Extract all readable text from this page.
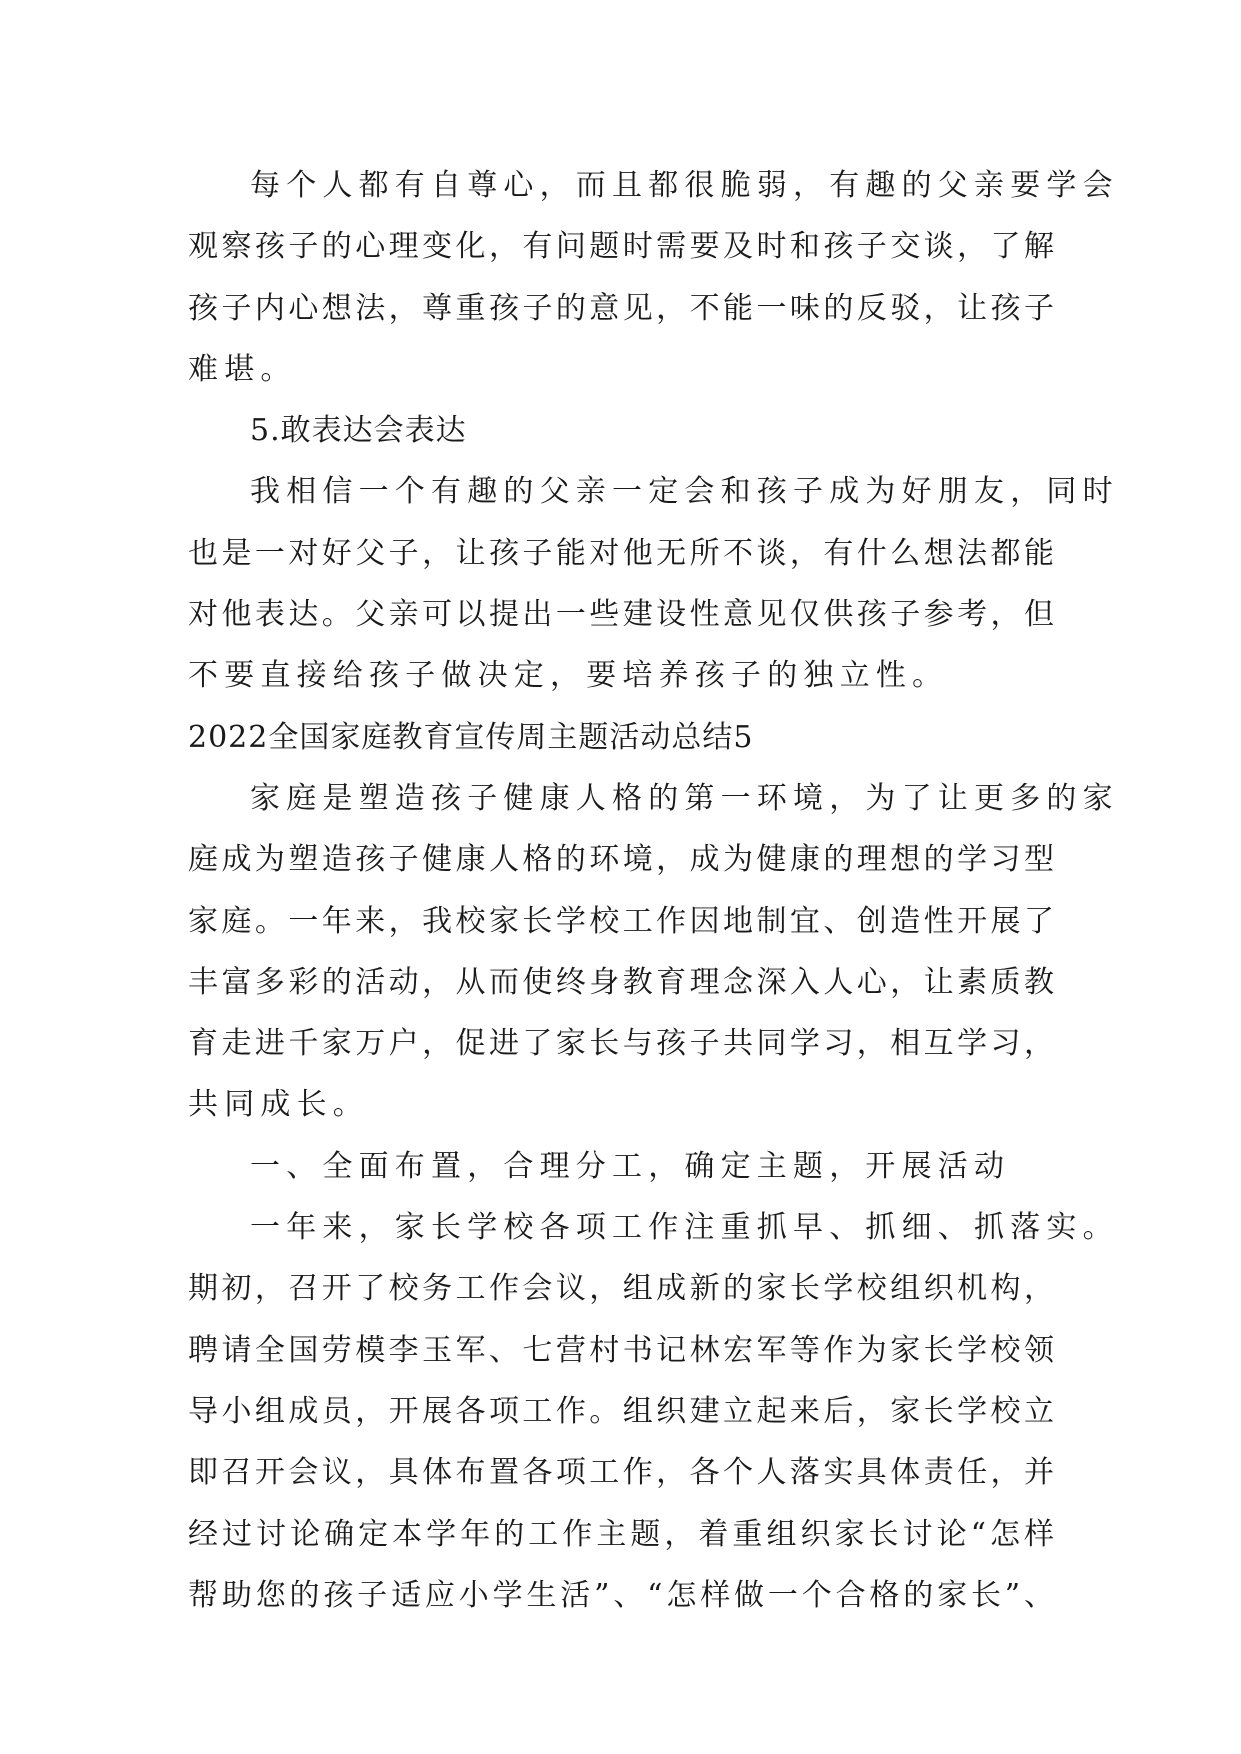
每个人都有自尊心，而且都很脆弱，有趣的父亲要学会

观察孩子的心理变化，有问题时需要及时和孩子交谈，了解

孩子内心想法，尊重孩子的意见，不能一味的反驳，让孩子

难堪。

5.敢表达会表达

我相信一个有趣的父亲一定会和孩子成为好朋友，同时

也是一对好父子，让孩子能对他无所不谈，有什么想法都能

对他表达。父亲可以提出一些建设性意见仅供孩子参考，但

不要直接给孩子做决定，要培养孩子的独立性。

2022全国家庭教育宣传周主题活动总结5

家庭是塑造孩子健康人格的第一环境，为了让更多的家

庭成为塑造孩子健康人格的环境，成为健康的理想的学习型

家庭。一年来，我校家长学校工作因地制宜、创造性开展了

丰富多彩的活动，从而使终身教育理念深入人心，让素质教

育走进千家万户，促进了家长与孩子共同学习，相互学习，

共同成长。

一、全面布置，合理分工，确定主题，开展活动

一年来，家长学校各项工作注重抓早、抓细、抓落实。

期初，召开了校务工作会议，组成新的家长学校组织机构，

聘请全国劳模李玉军、七营村书记林宏军等作为家长学校领

导小组成员，开展各项工作。组织建立起来后，家长学校立

即召开会议，具体布置各项工作，各个人落实具体责任，并

经过讨论确定本学年的工作主题，着重组织家长讨论“怎样

帮助您的孩子适应小学生活”、“怎样做一个合格的家长”、
